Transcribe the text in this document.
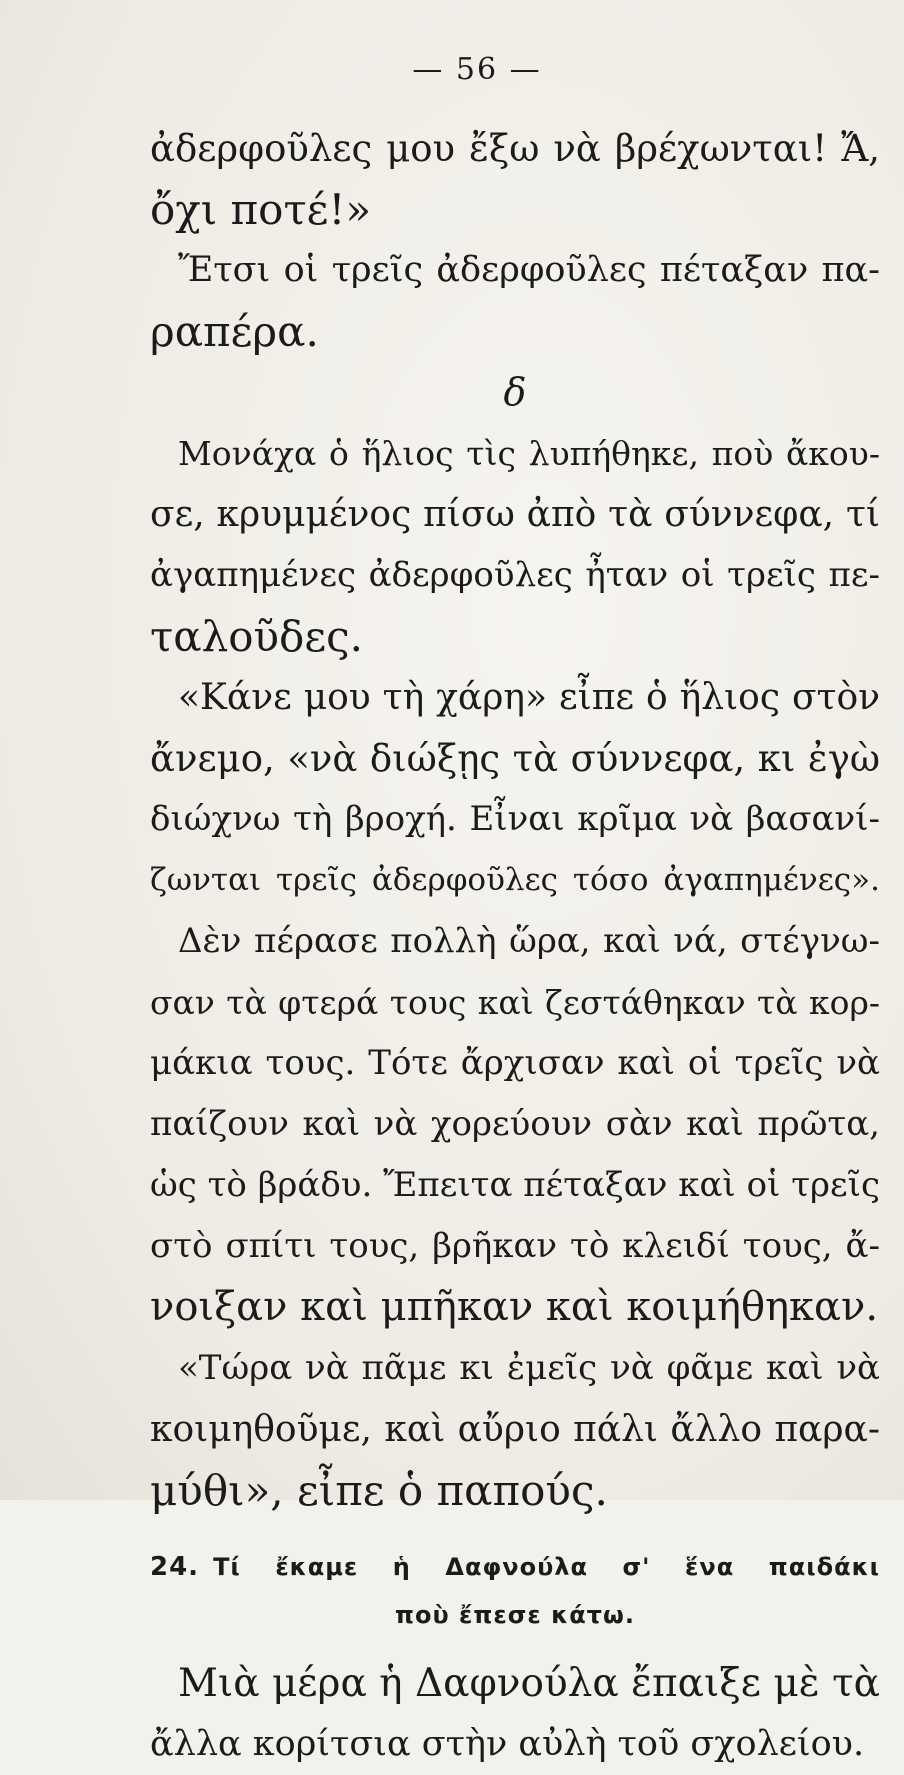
— 56 —
ἀδερφοῦλες μου ἔξω νὰ βρέχωνται! Ἄ,
ὄχι ποτέ!»
Ἔτσι οἱ τρεῖς ἀδερφοῦλες πέταξαν πα-
ραπέρα.
δ
Μονάχα ὁ ἥλιος τὶς λυπήθηκε, ποὺ ἄκου-
σε, κρυμμένος πίσω ἀπὸ τὰ σύννεφα, τί
ἀγαπημένες ἀδερφοῦλες ἦταν οἱ τρεῖς πε-
ταλοῦδες.
«Κάνε μου τὴ χάρη» εἶπε ὁ ἥλιος στὸν
ἄνεμο, «νὰ διώξῃς τὰ σύννεφα, κι ἐγὼ
διώχνω τὴ βροχή. Εἶναι κρῖμα νὰ βασανί-
ζωνται τρεῖς ἀδερφοῦλες τόσο ἀγαπημένες».
Δὲν πέρασε πολλὴ ὥρα, καὶ νά, στέγνω-
σαν τὰ φτερά τους καὶ ζεστάθηκαν τὰ κορ-
μάκια τους. Τότε ἄρχισαν καὶ οἱ τρεῖς νὰ
παίζουν καὶ νὰ χορεύουν σὰν καὶ πρῶτα,
ὡς τὸ βράδυ. Ἔπειτα πέταξαν καὶ οἱ τρεῖς
στὸ σπίτι τους, βρῆκαν τὸ κλειδί τους, ἄ-
νοιξαν καὶ μπῆκαν καὶ κοιμήθηκαν.
«Τώρα νὰ πᾶμε κι ἐμεῖς νὰ φᾶμε καὶ νὰ
κοιμηθοῦμε, καὶ αὔριο πάλι ἄλλο παρα-
μύθι», εἶπε ὁ παπούς.
24. Τί ἔκαμε ἡ Δαφνούλα σ' ἕνα παιδάκι
ποὺ ἔπεσε κάτω.
Μιὰ μέρα ἡ Δαφνούλα ἔπαιξε μὲ τὰ
ἄλλα κορίτσια στὴν αὐλὴ τοῦ σχολείου.
